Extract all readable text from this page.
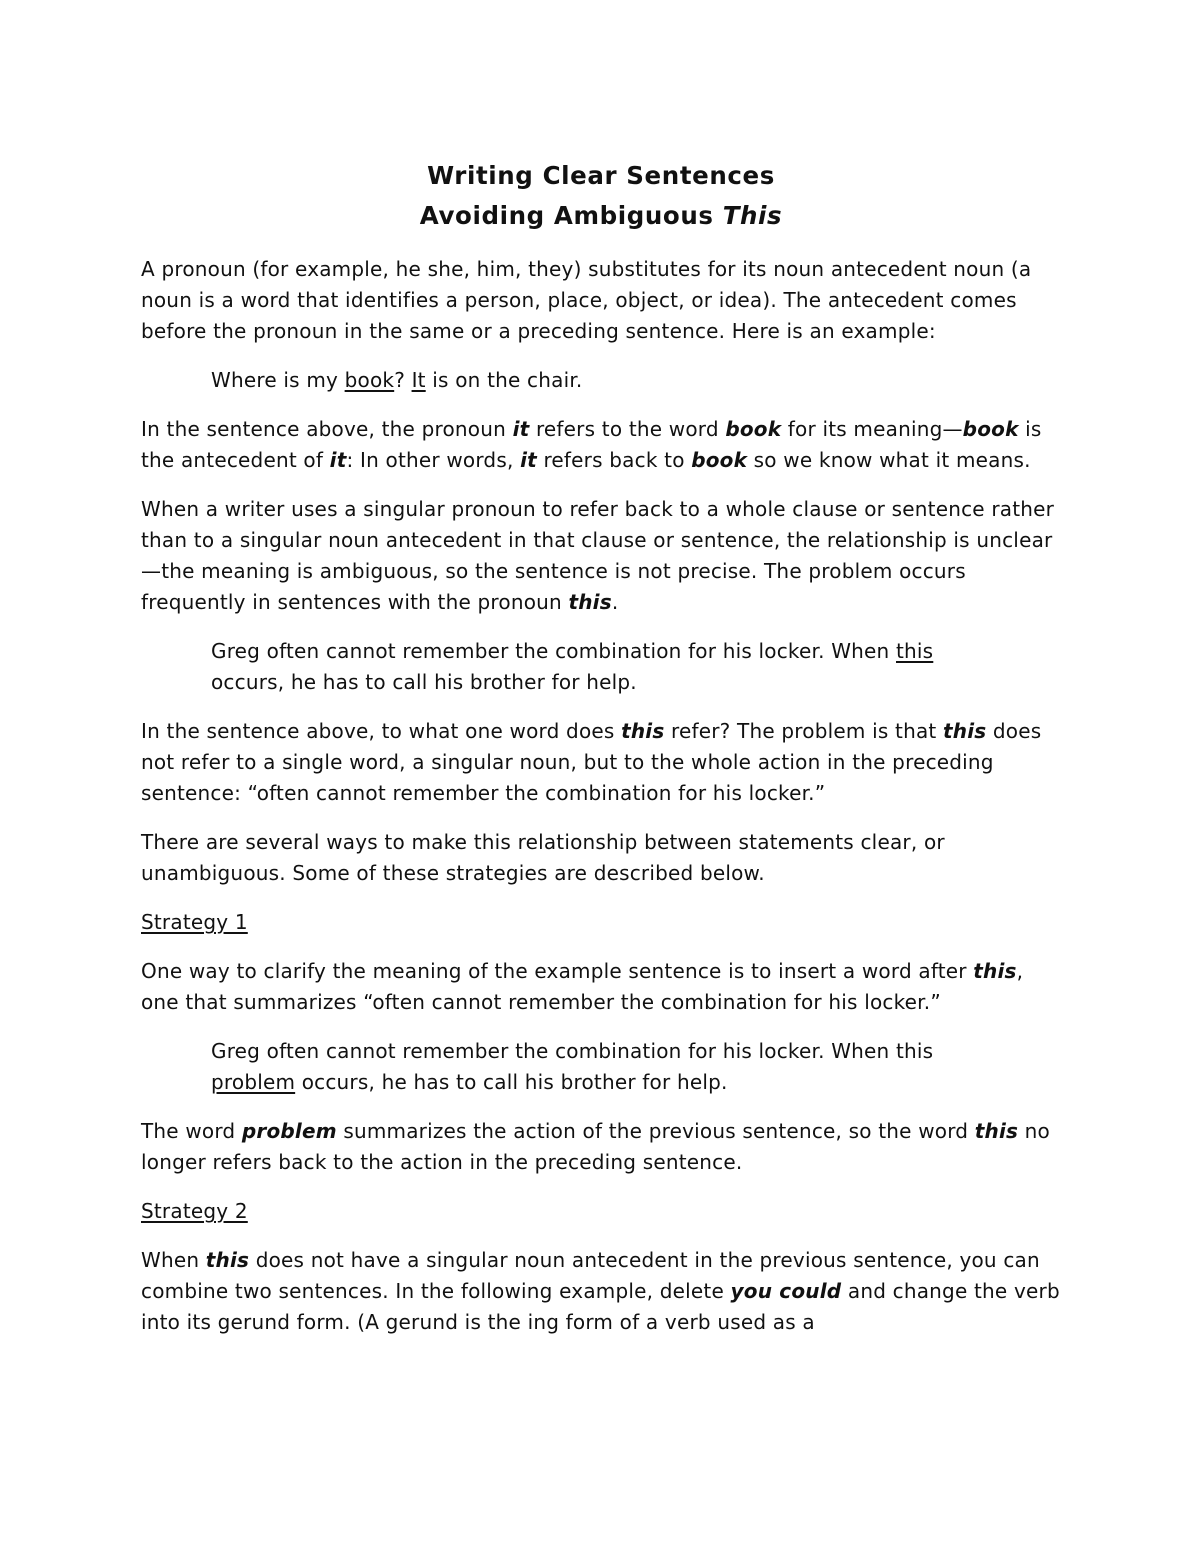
Writing Clear Sentences
Avoiding Ambiguous This

A pronoun (for example, he she, him, they) substitutes for its noun antecedent noun (a noun is a word that identifies a person, place, object, or idea). The antecedent comes before the pronoun in the same or a preceding sentence. Here is an example:

Where is my book? It is on the chair.

In the sentence above, the pronoun it refers to the word book for its meaning—book is the antecedent of it: In other words, it refers back to book so we know what it means.

When a writer uses a singular pronoun to refer back to a whole clause or sentence rather than to a singular noun antecedent in that clause or sentence, the relationship is unclear—the meaning is ambiguous, so the sentence is not precise. The problem occurs frequently in sentences with the pronoun this.

Greg often cannot remember the combination for his locker. When this occurs, he has to call his brother for help.

In the sentence above, to what one word does this refer? The problem is that this does not refer to a single word, a singular noun, but to the whole action in the preceding sentence: “often cannot remember the combination for his locker.”

There are several ways to make this relationship between statements clear, or unambiguous. Some of these strategies are described below.

Strategy 1

One way to clarify the meaning of the example sentence is to insert a word after this, one that summarizes “often cannot remember the combination for his locker.”

Greg often cannot remember the combination for his locker. When this problem occurs, he has to call his brother for help.

The word problem summarizes the action of the previous sentence, so the word this no longer refers back to the action in the preceding sentence.

Strategy 2

When this does not have a singular noun antecedent in the previous sentence, you can combine two sentences. In the following example, delete you could and change the verb into its gerund form. (A gerund is the ing form of a verb used as a
